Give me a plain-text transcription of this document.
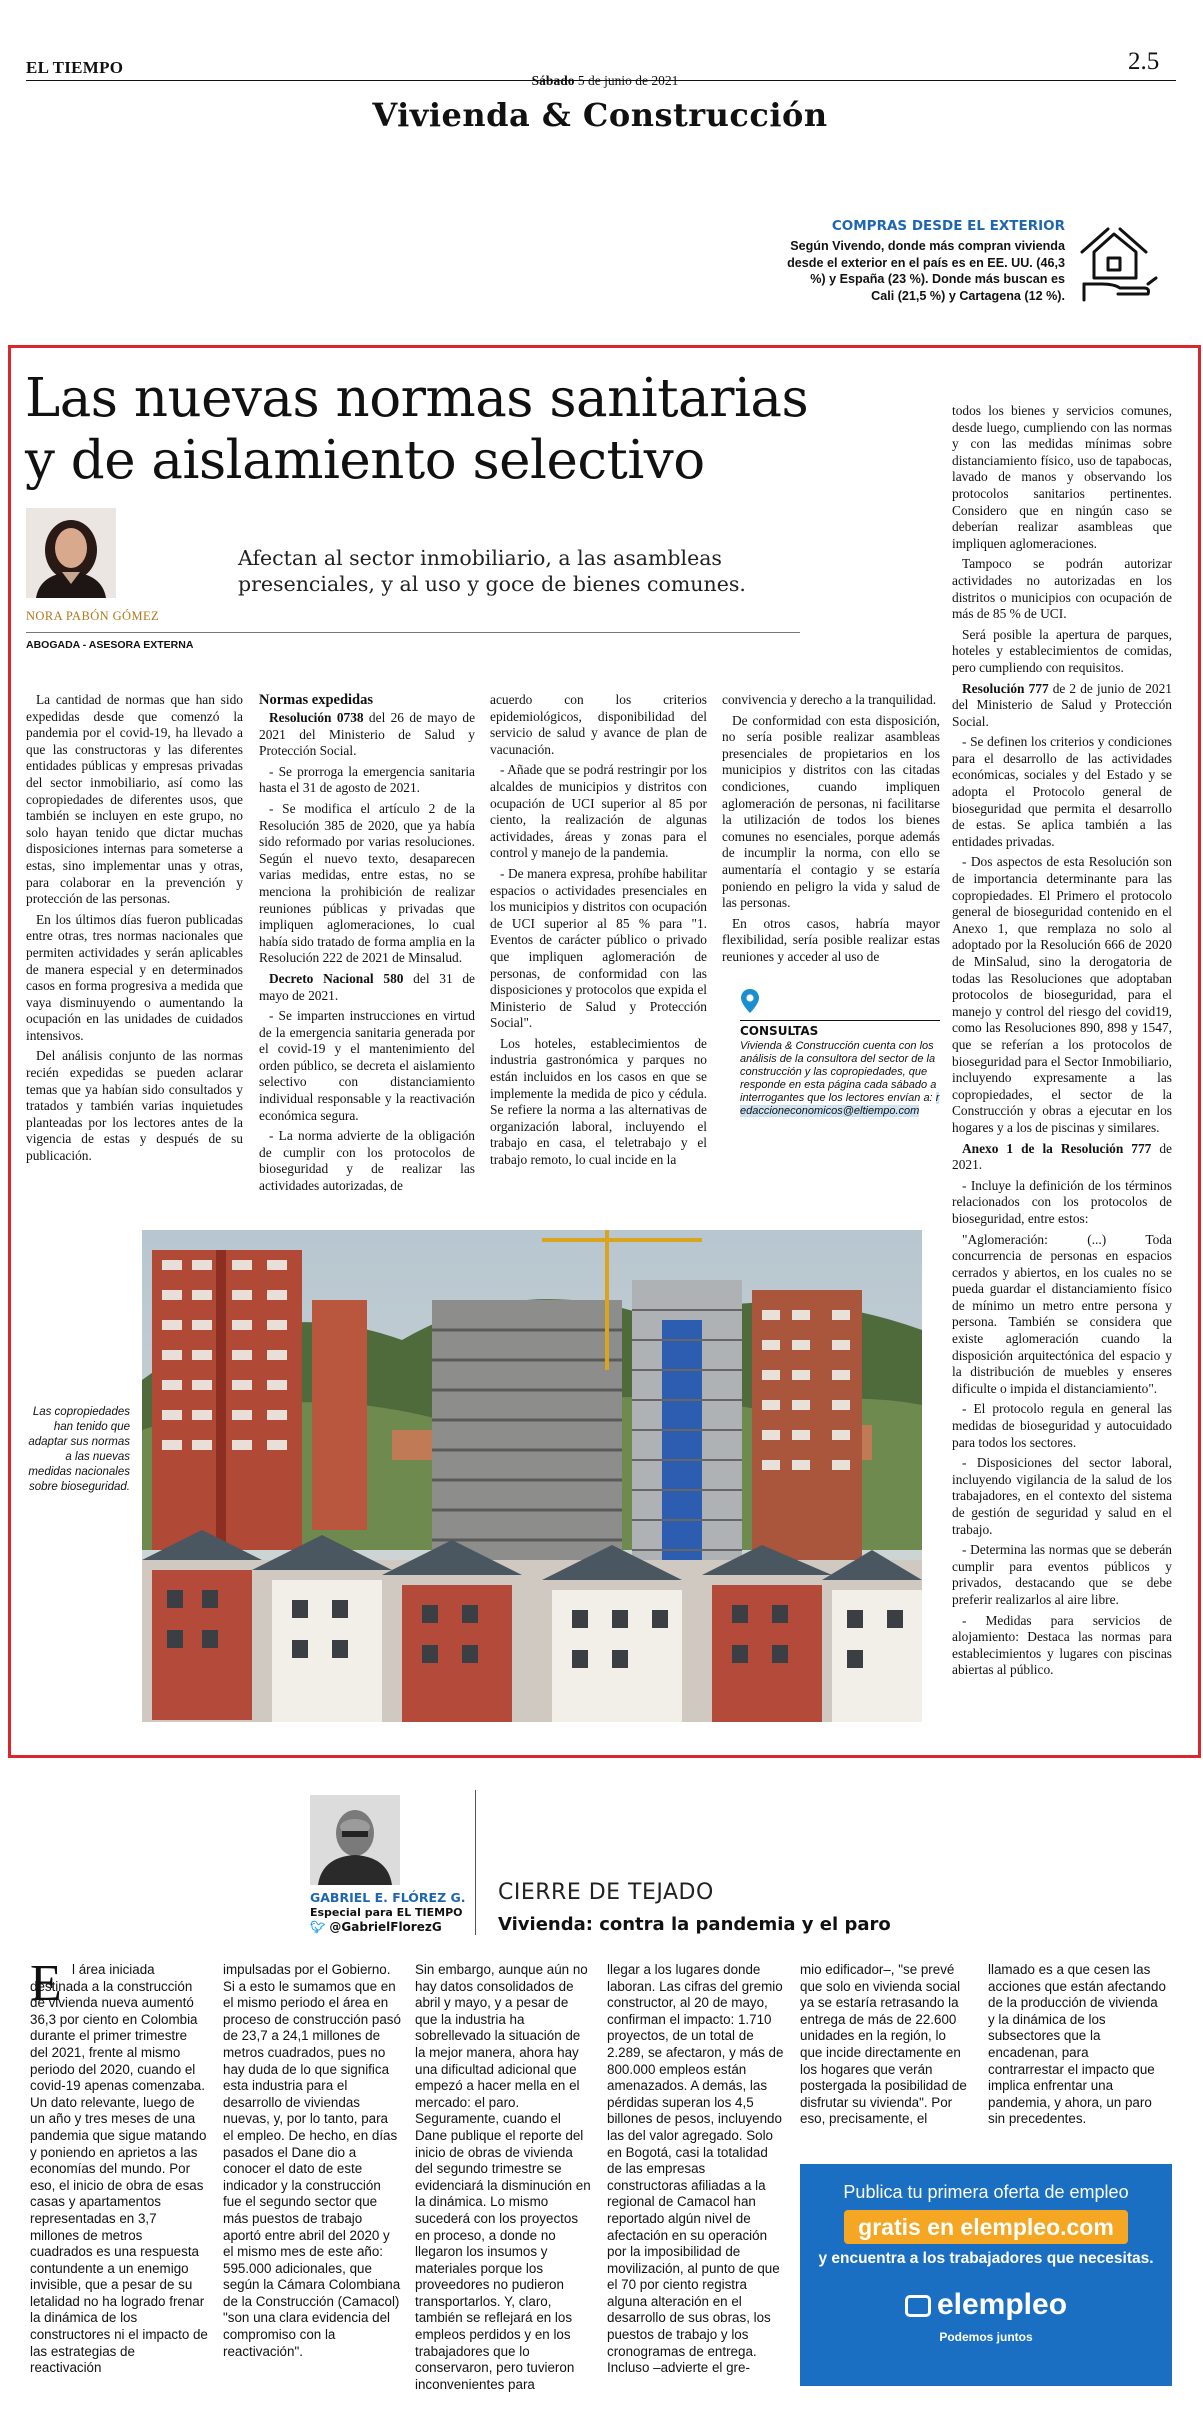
EL TIEMPO	2.5
Sábado 5 de junio de 2021
Vivienda & Construcción
COMPRAS DESDE EL EXTERIOR
Según Vivendo, donde más compran vivienda desde el exterior en el país es en EE. UU. (46,3 %) y España (23 %). Donde más buscan es Cali (21,5 %) y Cartagena (12 %).
Las nuevas normas sanitarias y de aislamiento selectivo
NORA PABÓN GÓMEZ
ABOGADA - ASESORA EXTERNA
Afectan al sector inmobiliario, a las asambleas presenciales, y al uso y goce de bienes comunes.

La cantidad de normas que han sido expedidas desde que comenzó la pandemia por el covid-19, ha llevado a que las constructoras y las diferentes entidades públicas y empresas privadas del sector inmobiliario, así como las copropiedades de diferentes usos, que también se incluyen en este grupo, no solo hayan tenido que dictar muchas disposiciones internas para someterse a estas, sino implementar unas y otras, para colaborar en la prevención y protección de las personas.

En los últimos días fueron publicadas entre otras, tres normas nacionales que permiten actividades y serán aplicables de manera especial y en determinados casos en forma progresiva a medida que vaya disminuyendo o aumentando la ocupación en las unidades de cuidados intensivos.

Del análisis conjunto de las normas recién expedidas se pueden aclarar temas que ya habían sido consultados y tratados y también varias inquietudes planteadas por los lectores antes de la vigencia de estas y después de su publicación.

Normas expedidas

Resolución 0738 del 26 de mayo de 2021 del Ministerio de Salud y Protección Social.

- Se prorroga la emergencia sanitaria hasta el 31 de agosto de 2021.

- Se modifica el artículo 2 de la Resolución 385 de 2020, que ya había sido reformado por varias resoluciones. Según el nuevo texto, desaparecen varias medidas, entre estas, no se menciona la prohibición de realizar reuniones públicas y privadas que impliquen aglomeraciones, lo cual había sido tratado de forma amplia en la Resolución 222 de 2021 de Minsalud.

Decreto Nacional 580 del 31 de mayo de 2021.

- Se imparten instrucciones en virtud de la emergencia sanitaria generada por el covid-19 y el mantenimiento del orden público, se decreta el aislamiento selectivo con distanciamiento individual responsable y la reactivación económica segura.

- La norma advierte de la obligación de cumplir con los protocolos de bioseguridad y de realizar las actividades autorizadas, de

acuerdo con los criterios epidemiológicos, disponibilidad del servicio de salud y avance de plan de vacunación.

- Añade que se podrá restringir por los alcaldes de municipios y distritos con ocupación de UCI superior al 85 por ciento, la realización de algunas actividades, áreas y zonas para el control y manejo de la pandemia.

- De manera expresa, prohíbe habilitar espacios o actividades presenciales en los municipios y distritos con ocupación de UCI superior al 85 % para "1. Eventos de carácter público o privado que impliquen aglomeración de personas, de conformidad con las disposiciones y protocolos que expida el Ministerio de Salud y Protección Social".

Los hoteles, establecimientos de industria gastronómica y parques no están incluidos en los casos en que se implemente la medida de pico y cédula. Se refiere la norma a las alternativas de organización laboral, incluyendo el trabajo en casa, el teletrabajo y el trabajo remoto, lo cual incide en la

convivencia y derecho a la tranquilidad.

De conformidad con esta disposición, no sería posible realizar asambleas presenciales de propietarios en los municipios y distritos con las citadas condiciones, cuando impliquen aglomeración de personas, ni facilitarse la utilización de todos los bienes comunes no esenciales, porque además de incumplir la norma, con ello se aumentaría el contagio y se estaría poniendo en peligro la vida y salud de las personas.

En otros casos, habría mayor flexibilidad, sería posible realizar estas reuniones y acceder al uso de

CONSULTAS
Vivienda & Construcción cuenta con los análisis de la consultora del sector de la construcción y las copropiedades, que responde en esta página cada sábado a interrogantes que los lectores envían a: redaccioneconomicos@eltiempo.com

todos los bienes y servicios comunes, desde luego, cumpliendo con las normas y con las medidas mínimas sobre distanciamiento físico, uso de tapabocas, lavado de manos y observando los protocolos sanitarios pertinentes. Considero que en ningún caso se deberían realizar asambleas que impliquen aglomeraciones.

Tampoco se podrán autorizar actividades no autorizadas en los distritos o municipios con ocupación de más de 85 % de UCI.

Será posible la apertura de parques, hoteles y establecimientos de comidas, pero cumpliendo con requisitos.

Resolución 777 de 2 de junio de 2021 del Ministerio de Salud y Protección Social.

- Se definen los criterios y condiciones para el desarrollo de las actividades económicas, sociales y del Estado y se adopta el Protocolo general de bioseguridad que permita el desarrollo de estas. Se aplica también a las entidades privadas.

- Dos aspectos de esta Resolución son de importancia determinante para las copropiedades. El Primero el protocolo general de bioseguridad contenido en el Anexo 1, que remplaza no solo al adoptado por la Resolución 666 de 2020 de MinSalud, sino la derogatoria de todas las Resoluciones que adoptaban protocolos de bioseguridad, para el manejo y control del riesgo del covid19, como las Resoluciones 890, 898 y 1547, que se referían a los protocolos de bioseguridad para el Sector Inmobiliario, incluyendo expresamente a las copropiedades, el sector de la Construcción y obras a ejecutar en los hogares y a los de piscinas y similares.

Anexo 1 de la Resolución 777 de 2021.

- Incluye la definición de los términos relacionados con los protocolos de bioseguridad, entre estos:

"Aglomeración: (...) Toda concurrencia de personas en espacios cerrados y abiertos, en los cuales no se pueda guardar el distanciamiento físico de mínimo un metro entre persona y persona. También se considera que existe aglomeración cuando la disposición arquitectónica del espacio y la distribución de muebles y enseres dificulte o impida el distanciamiento".

- El protocolo regula en general las medidas de bioseguridad y autocuidado para todos los sectores.

- Disposiciones del sector laboral, incluyendo vigilancia de la salud de los trabajadores, en el contexto del sistema de gestión de seguridad y salud en el trabajo.

- Determina las normas que se deberán cumplir para eventos públicos y privados, destacando que se debe preferir realizarlos al aire libre.

- Medidas para servicios de alojamiento: Destaca las normas para establecimientos y lugares con piscinas abiertas al público.

Las copropiedades han tenido que adaptar sus normas a las nuevas medidas nacionales sobre bioseguridad.
GABRIEL E. FLÓREZ G.
Especial para EL TIEMPO
🐦︎ @GabrielFlorezG
CIERRE DE TEJADO
Vivienda: contra la pandemia y el paro
E l área iniciada destinada a la construcción de vivienda nueva aumentó 36,3 por ciento en Colombia durante el primer trimestre del 2021, frente al mismo periodo del 2020, cuando el covid-19 apenas comenzaba. Un dato relevante, luego de un año y tres meses de una pandemia que sigue matando y poniendo en aprietos a las economías del mundo. Por eso, el inicio de obra de esas casas y apartamentos representadas en 3,7 millones de metros cuadrados es una respuesta contundente a un enemigo invisible, que a pesar de su letalidad no ha logrado frenar la dinámica de los constructores ni el impacto de las estrategias de reactivación

impulsadas por el Gobierno. Si a esto le sumamos que en el mismo periodo el área en proceso de construcción pasó de 23,7 a 24,1 millones de metros cuadrados, pues no hay duda de lo que significa esta industria para el desarrollo de viviendas nuevas, y, por lo tanto, para el empleo. De hecho, en días pasados el Dane dio a conocer el dato de este indicador y la construcción fue el segundo sector que más puestos de trabajo aportó entre abril del 2020 y el mismo mes de este año: 595.000 adicionales, que según la Cámara Colombiana de la Construcción (Camacol) "son una clara evidencia del compromiso con la reactivación".

Sin embargo, aunque aún no hay datos consolidados de abril y mayo, y a pesar de que la industria ha sobrellevado la situación de la mejor manera, ahora hay una dificultad adicional que empezó a hacer mella en el mercado: el paro. Seguramente, cuando el Dane publique el reporte del inicio de obras de vivienda del segundo trimestre se evidenciará la disminución en la dinámica. Lo mismo sucederá con los proyectos en proceso, a donde no llegaron los insumos y materiales porque los proveedores no pudieron transportarlos. Y, claro, también se reflejará en los empleos perdidos y en los trabajadores que lo conservaron, pero tuvieron inconvenientes para

llegar a los lugares donde laboran. Las cifras del gremio constructor, al 20 de mayo, confirman el impacto: 1.710 proyectos, de un total de 2.289, se afectaron, y más de 800.000 empleos están amenazados. A demás, las pérdidas superan los 4,5 billones de pesos, incluyendo las del valor agregado. Solo en Bogotá, casi la totalidad de las empresas constructoras afiliadas a la regional de Camacol han reportado algún nivel de afectación en su operación por la imposibilidad de movilización, al punto de que el 70 por ciento registra alguna alteración en el desarrollo de sus obras, los puestos de trabajo y los cronogramas de entrega. Incluso –advierte el gre-

mio edificador–, "se prevé que solo en vivienda social ya se estaría retrasando la entrega de más de 22.600 unidades en la región, lo que incide directamente en los hogares que verán postergada la posibilidad de disfrutar su vivienda". Por eso, precisamente, el

llamado es a que cesen las acciones que están afectando de la producción de vivienda y la dinámica de los subsectores que la encadenan, para contrarrestar el impacto que implica enfrentar una pandemia, y ahora, un paro sin precedentes.

Publica tu primera oferta de empleo
gratis en elempleo.com
y encuentra a los trabajadores que necesitas.
elempleo
Podemos juntos
